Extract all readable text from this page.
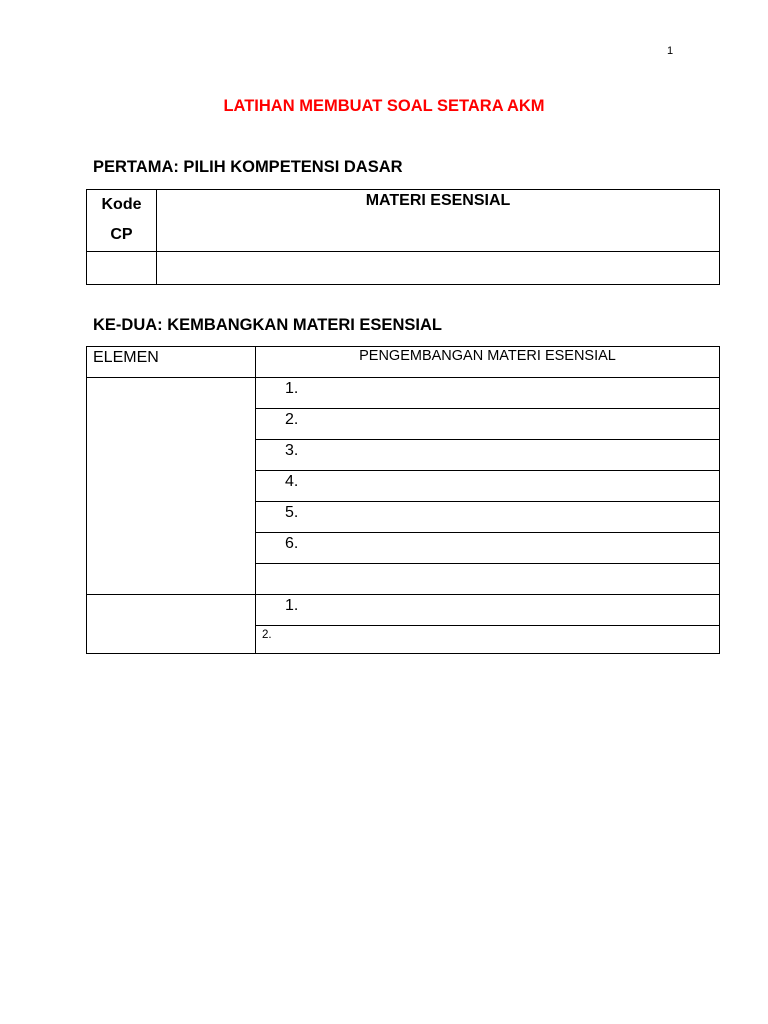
1
LATIHAN MEMBUAT SOAL SETARA AKM
PERTAMA: PILIH KOMPETENSI DASAR
Kode
CP	MATERI ESENSIAL

KE-DUA: KEMBANGKAN MATERI ESENSIAL
ELEMEN	PENGEMBANGAN MATERI ESENSIAL
	1.
	2.
	3.
	4.
	5.
	6.

	1.
	2.
